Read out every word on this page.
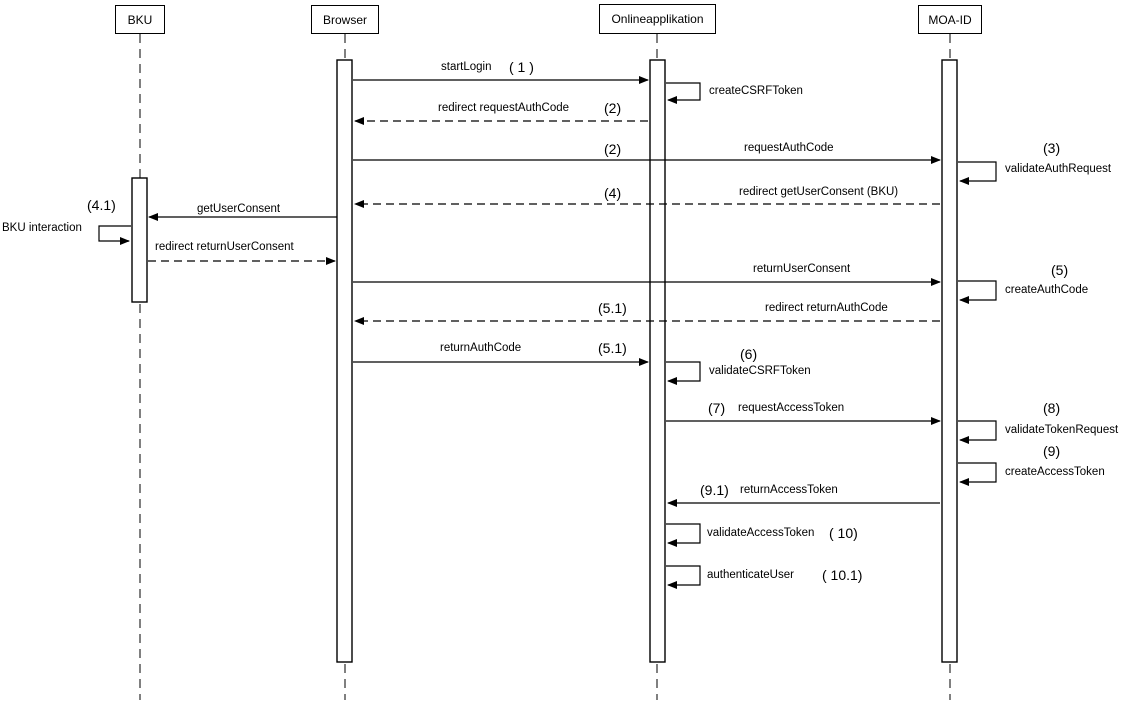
BKU	Browser	Onlineapplikation	MOA-ID
startLogin ( 1 )
createCSRFToken
redirect requestAuthCode (2)
(2)	requestAuthCode	(3)
validateAuthRequest
(4)	redirect getUserConsent (BKU)
(4.1)	getUserConsent
BKU interaction
redirect returnUserConsent
returnUserConsent	(5)
createAuthCode
(5.1)	redirect returnAuthCode
returnAuthCode	(5.1)	(6)
validateCSRFToken
(7) requestAccessToken	(8)
validateTokenRequest
(9)
createAccessToken
(9.1) returnAccessToken
validateAccessToken ( 10)
authenticateUser ( 10.1)
